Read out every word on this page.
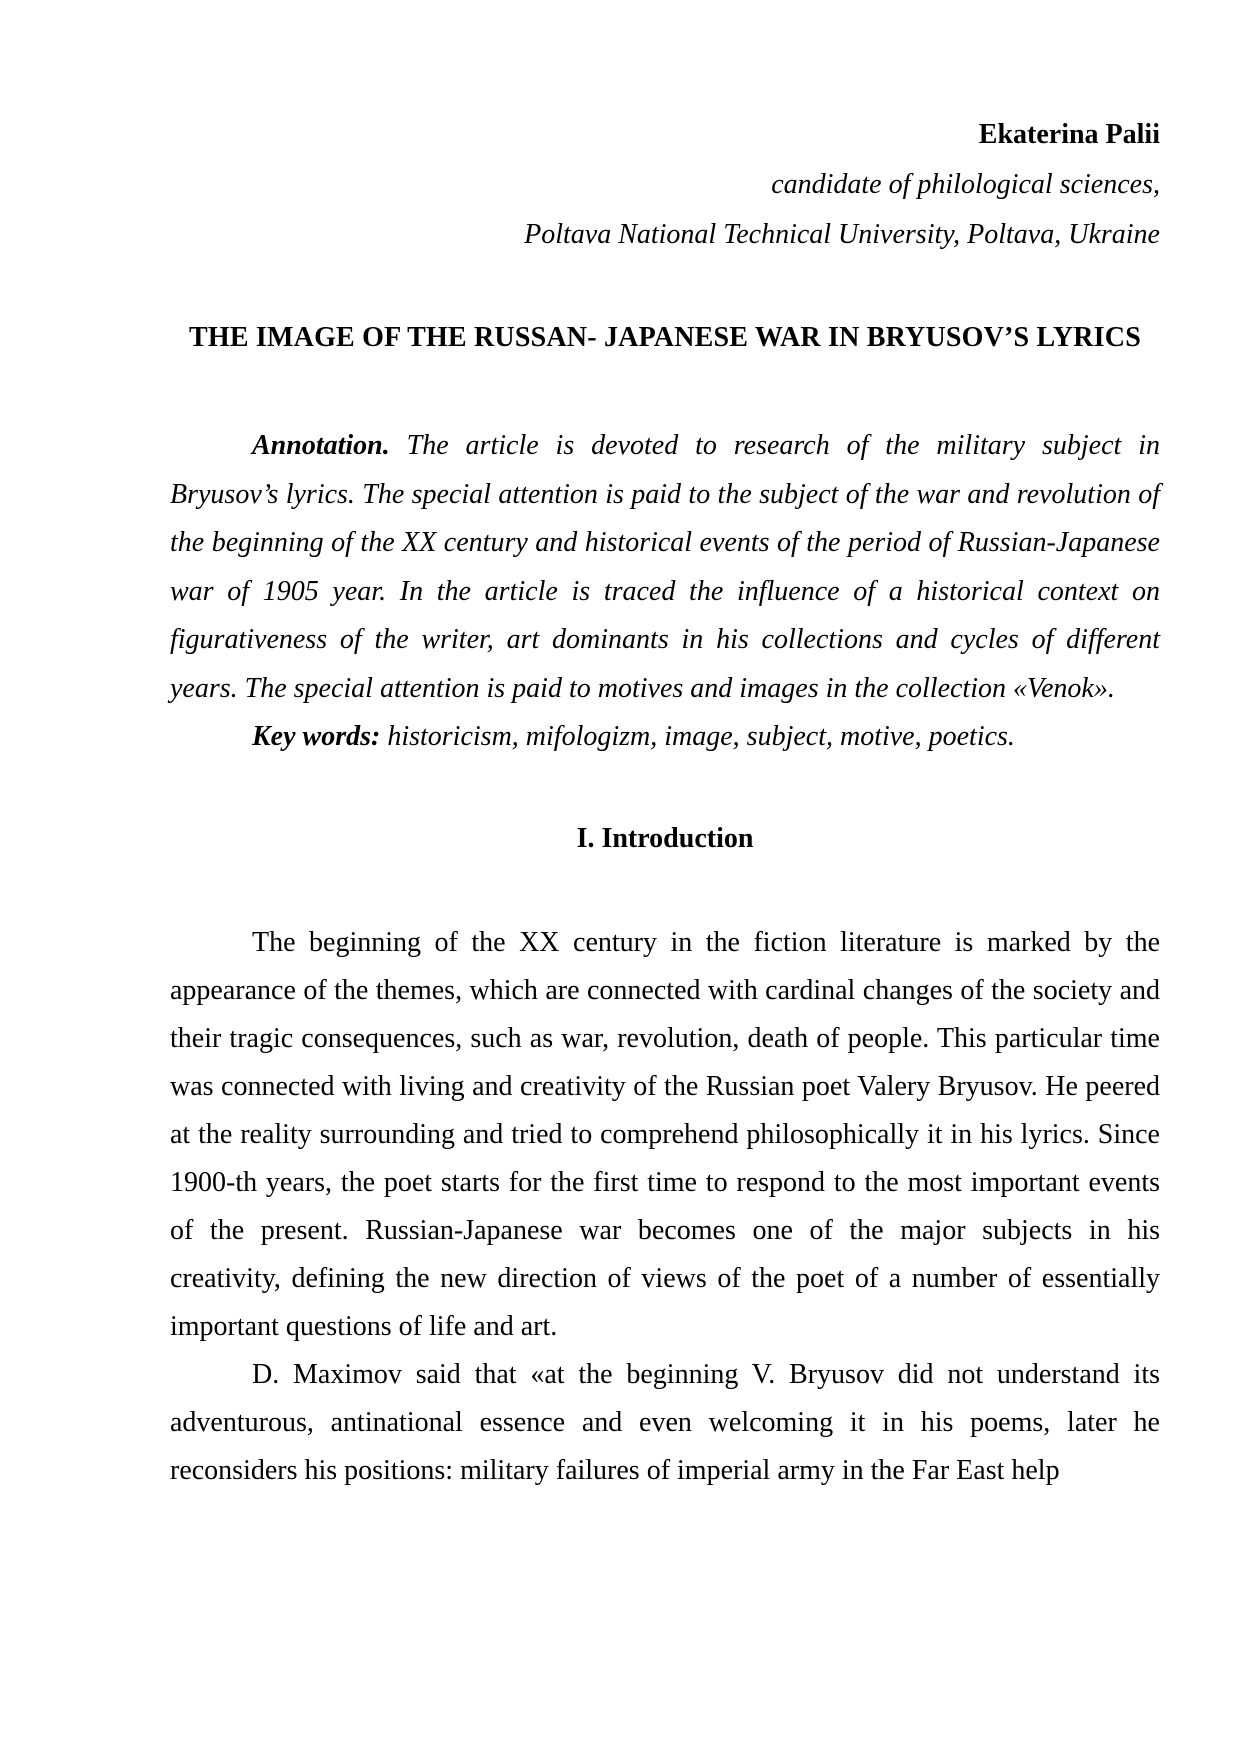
Ekaterina Palii

candidate of philological sciences,

Poltava National Technical University, Poltava, Ukraine

THE IMAGE OF THE RUSSAN- JAPANESE WAR IN BRYUSOV’S LYRICS

Annotation. The article is devoted to research of the military subject in Bryusov’s lyrics. The special attention is paid to the subject of the war and revolution of the beginning of the XX century and historical events of the period of Russian-Japanese war of 1905 year. In the article is traced the influence of a historical context on figurativeness of the writer, art dominants in his collections and cycles of different years. The special attention is paid to motives and images in the collection «Venok».

Key words: historicism, mifologizm, image, subject, motive, poetics.

I. Introduction

The beginning of the XX century in the fiction literature is marked by the appearance of the themes, which are connected with cardinal changes of the society and their tragic consequences, such as war, revolution, death of people. This particular time was connected with living and creativity of the Russian poet Valery Bryusov. He peered at the reality surrounding and tried to comprehend philosophically it in his lyrics. Since 1900-th years, the poet starts for the first time to respond to the most important events of the present. Russian-Japanese war becomes one of the major subjects in his creativity, defining the new direction of views of the poet of a number of essentially important questions of life and art.

D. Maximov said that «at the beginning V. Bryusov did not understand its adventurous, antinational essence and even welcoming it in his poems, later he reconsiders his positions: military failures of imperial army in the Far East help
